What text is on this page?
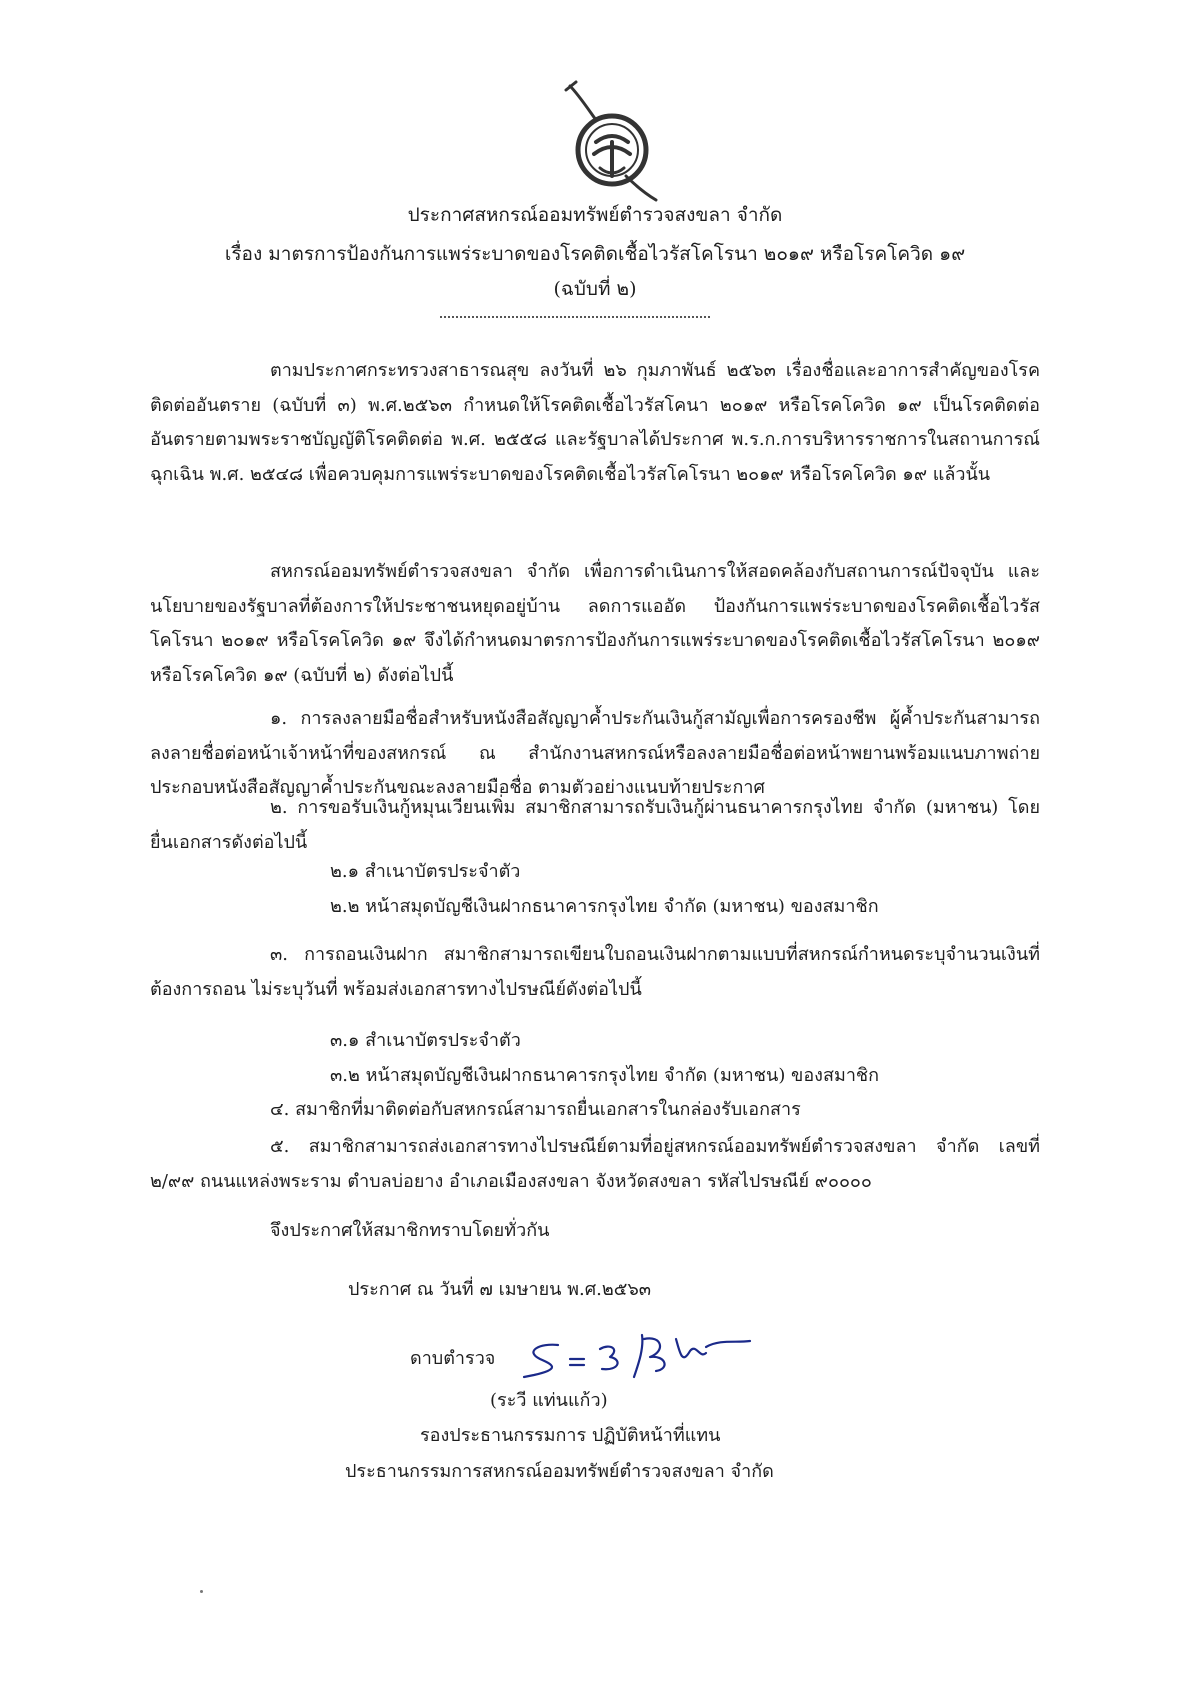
ประกาศสหกรณ์ออมทรัพย์ตำรวจสงขลา จำกัด
เรื่อง มาตรการป้องกันการแพร่ระบาดของโรคติดเชื้อไวรัสโคโรนา ๒๐๑๙ หรือโรคโควิด ๑๙
(ฉบับที่ ๒)
ตามประกาศกระทรวงสาธารณสุข ลงวันที่ ๒๖ กุมภาพันธ์ ๒๕๖๓ เรื่องชื่อและอาการสำคัญของโรคติดต่ออันตราย (ฉบับที่ ๓) พ.ศ.๒๕๖๓ กำหนดให้โรคติดเชื้อไวรัสโคนา ๒๐๑๙ หรือโรคโควิด ๑๙ เป็นโรคติดต่ออันตรายตามพระราชบัญญัติโรคติดต่อ พ.ศ. ๒๕๕๘ และรัฐบาลได้ประกาศ พ.ร.ก.การบริหารราชการในสถานการณ์ฉุกเฉิน พ.ศ. ๒๕๔๘ เพื่อควบคุมการแพร่ระบาดของโรคติดเชื้อไวรัสโคโรนา ๒๐๑๙ หรือโรคโควิด ๑๙ แล้วนั้น
สหกรณ์ออมทรัพย์ตำรวจสงขลา จำกัด เพื่อการดำเนินการให้สอดคล้องกับสถานการณ์ปัจจุบัน และนโยบายของรัฐบาลที่ต้องการให้ประชาชนหยุดอยู่บ้าน ลดการแออัด ป้องกันการแพร่ระบาดของโรคติดเชื้อไวรัสโคโรนา ๒๐๑๙ หรือโรคโควิด ๑๙ จึงได้กำหนดมาตรการป้องกันการแพร่ระบาดของโรคติดเชื้อไวรัสโคโรนา ๒๐๑๙ หรือโรคโควิด ๑๙ (ฉบับที่ ๒) ดังต่อไปนี้
๑. การลงลายมือชื่อสำหรับหนังสือสัญญาค้ำประกันเงินกู้สามัญเพื่อการครองชีพ ผู้ค้ำประกันสามารถลงลายชื่อต่อหน้าเจ้าหน้าที่ของสหกรณ์ ณ สำนักงานสหกรณ์หรือลงลายมือชื่อต่อหน้าพยานพร้อมแนบภาพถ่ายประกอบหนังสือสัญญาค้ำประกันขณะลงลายมือชื่อ ตามตัวอย่างแนบท้ายประกาศ
๒. การขอรับเงินกู้หมุนเวียนเพิ่ม สมาชิกสามารถรับเงินกู้ผ่านธนาคารกรุงไทย จำกัด (มหาชน) โดยยื่นเอกสารดังต่อไปนี้
๒.๑ สำเนาบัตรประจำตัว
๒.๒ หน้าสมุดบัญชีเงินฝากธนาคารกรุงไทย จำกัด (มหาชน) ของสมาชิก
๓. การถอนเงินฝาก สมาชิกสามารถเขียนใบถอนเงินฝากตามแบบที่สหกรณ์กำหนดระบุจำนวนเงินที่ต้องการถอน ไม่ระบุวันที่ พร้อมส่งเอกสารทางไปรษณีย์ดังต่อไปนี้
๓.๑ สำเนาบัตรประจำตัว
๓.๒ หน้าสมุดบัญชีเงินฝากธนาคารกรุงไทย จำกัด (มหาชน) ของสมาชิก
๔. สมาชิกที่มาติดต่อกับสหกรณ์สามารถยื่นเอกสารในกล่องรับเอกสาร
๕. สมาชิกสามารถส่งเอกสารทางไปรษณีย์ตามที่อยู่สหกรณ์ออมทรัพย์ตำรวจสงขลา จำกัด เลขที่ ๒/๙๙ ถนนแหล่งพระราม ตำบลบ่อยาง อำเภอเมืองสงขลา จังหวัดสงขลา รหัสไปรษณีย์ ๙๐๐๐๐
จึงประกาศให้สมาชิกทราบโดยทั่วกัน
ประกาศ ณ วันที่ ๗ เมษายน พ.ศ.๒๕๖๓
ดาบตำรวจ
(ระวี แท่นแก้ว)
รองประธานกรรมการ ปฏิบัติหน้าที่แทน
ประธานกรรมการสหกรณ์ออมทรัพย์ตำรวจสงขลา จำกัด
